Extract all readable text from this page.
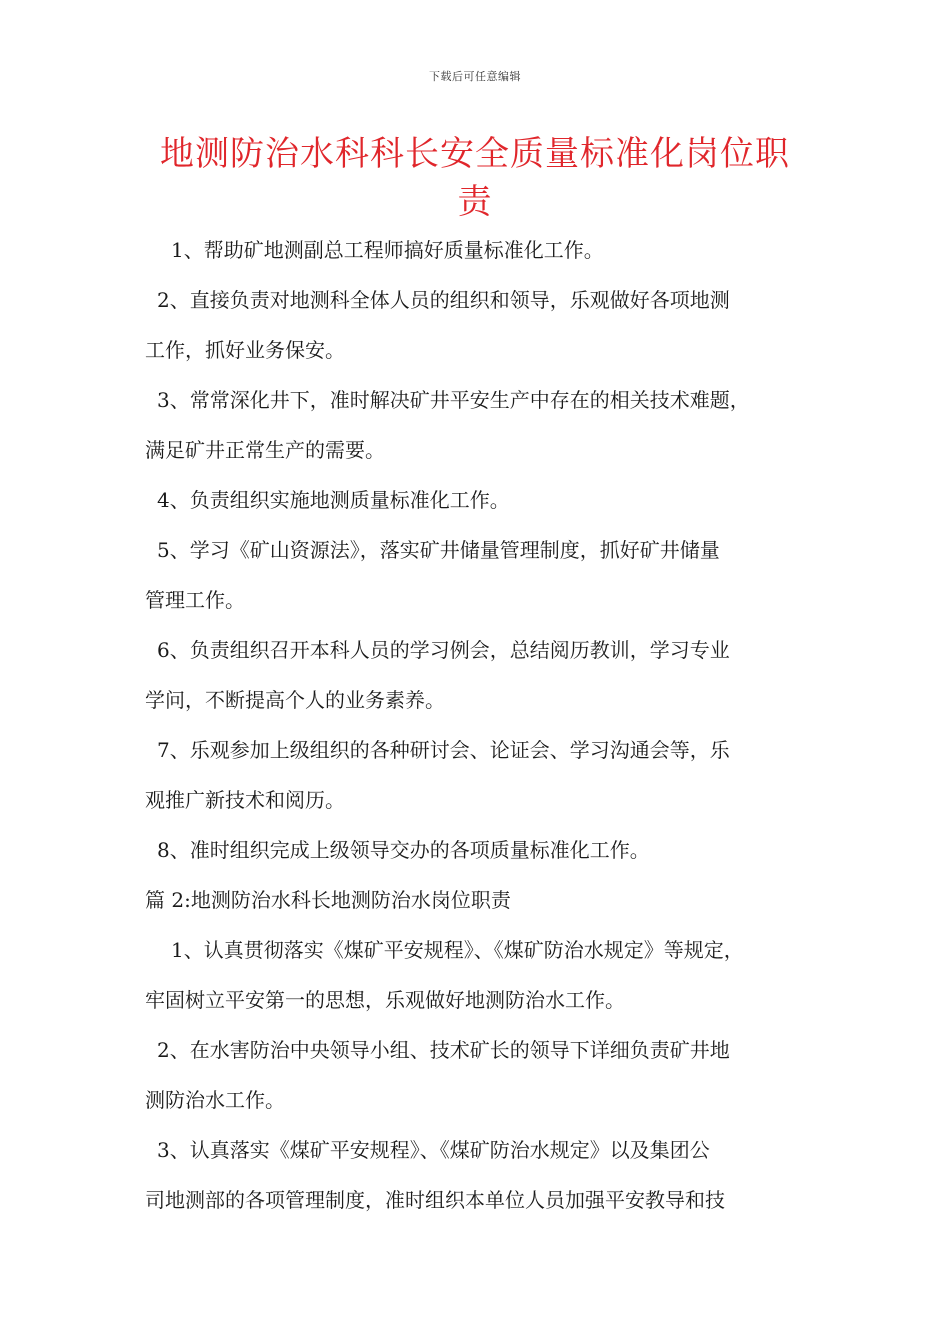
下载后可任意编辑
地测防治水科科长安全质量标准化岗位职
责

1、帮助矿地测副总工程师搞好质量标准化工作。

2、直接负责对地测科全体人员的组织和领导，乐观做好各项地测
工作，抓好业务保安。

3、常常深化井下，准时解决矿井平安生产中存在的相关技术难题，
满足矿井正常生产的需要。

4、负责组织实施地测质量标准化工作。

5、学习《矿山资源法》，落实矿井储量管理制度，抓好矿井储量
管理工作。

6、负责组织召开本科人员的学习例会，总结阅历教训，学习专业
学问，不断提高个人的业务素养。

7、乐观参加上级组织的各种研讨会、论证会、学习沟通会等，乐
观推广新技术和阅历。

8、准时组织完成上级领导交办的各项质量标准化工作。

篇 2:地测防治水科长地测防治水岗位职责

1、认真贯彻落实《煤矿平安规程》、《煤矿防治水规定》等规定，
牢固树立平安第一的思想，乐观做好地测防治水工作。

2、在水害防治中央领导小组、技术矿长的领导下详细负责矿井地
测防治水工作。

3、认真落实《煤矿平安规程》、《煤矿防治水规定》以及集团公
司地测部的各项管理制度，准时组织本单位人员加强平安教导和技
